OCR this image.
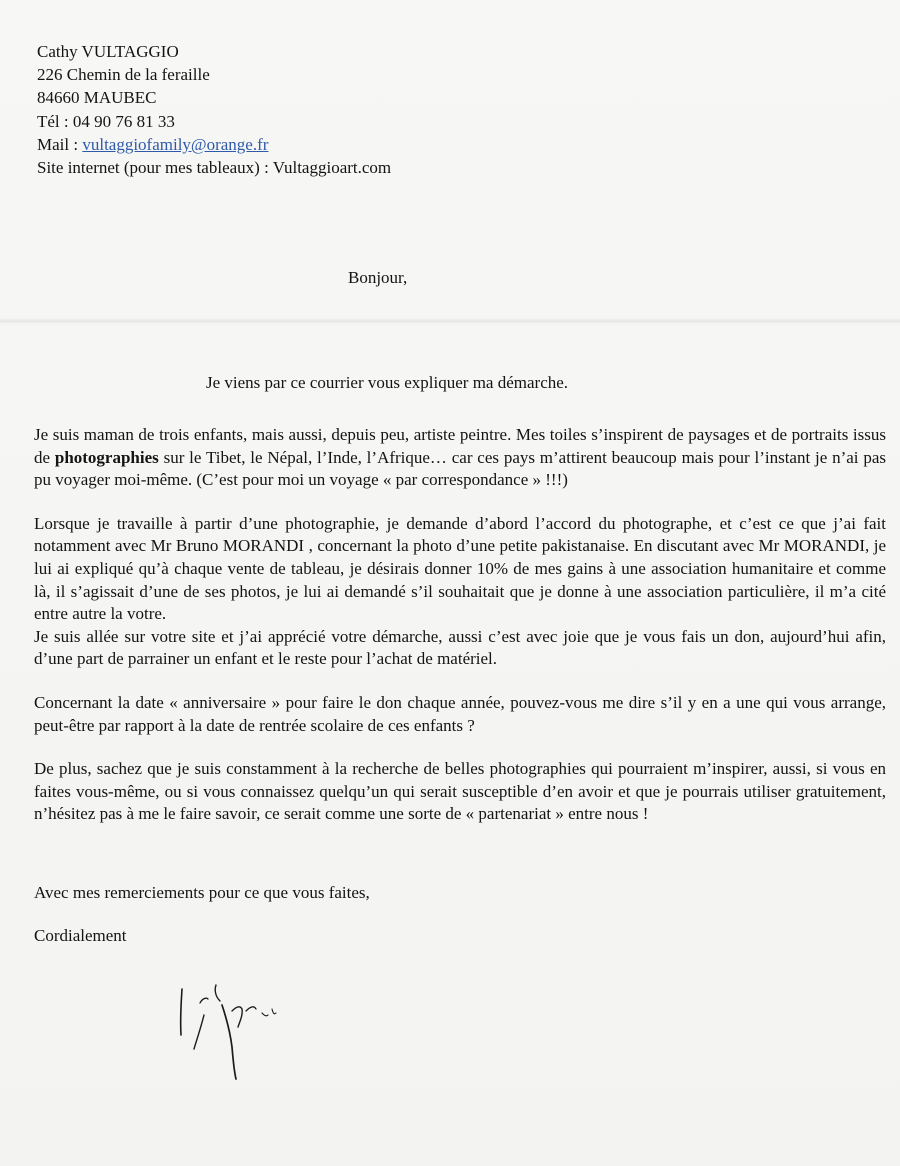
Cathy VULTAGGIO
226 Chemin de la feraille
84660 MAUBEC
Tél : 04 90 76 81 33
Mail : vultaggiofamily@orange.fr
Site internet (pour mes tableaux) : Vultaggioart.com
Bonjour,
Je viens par ce courrier vous expliquer ma démarche.

Je suis maman de trois enfants, mais aussi, depuis peu, artiste peintre. Mes toiles s’inspirent de paysages et de portraits issus de photographies sur le Tibet, le Népal, l’Inde, l’Afrique… car ces pays m’attirent beaucoup mais pour l’instant je n’ai pas pu voyager moi-même. (C’est pour moi un voyage « par correspondance » !!!)

Lorsque je travaille à partir d’une photographie, je demande d’abord l’accord du photographe, et c’est ce que j’ai fait notamment avec Mr Bruno MORANDI , concernant la photo d’une petite pakistanaise. En discutant avec Mr MORANDI, je lui ai expliqué qu’à chaque vente de tableau, je désirais donner 10% de mes gains à une association humanitaire et comme là, il s’agissait d’une de ses photos, je lui ai demandé s’il souhaitait que je donne à une association particulière, il m’a cité entre autre la votre.

Je suis allée sur votre site et j’ai apprécié votre démarche, aussi c’est avec joie que je vous fais un don, aujourd’hui afin, d’une part de parrainer un enfant et le reste pour l’achat de matériel.

Concernant la date « anniversaire » pour faire le don chaque année, pouvez-vous me dire s’il y en a une qui vous arrange, peut-être par rapport à la date de rentrée scolaire de ces enfants ?

De plus, sachez que je suis constamment à la recherche de belles photographies qui pourraient m’inspirer, aussi, si vous en faites vous-même, ou si vous connaissez quelqu’un qui serait susceptible d’en avoir et que je pourrais utiliser gratuitement, n’hésitez pas à me le faire savoir, ce serait comme une sorte de « partenariat » entre nous !

Avec mes remerciements pour ce que vous faites,
Cordialement
